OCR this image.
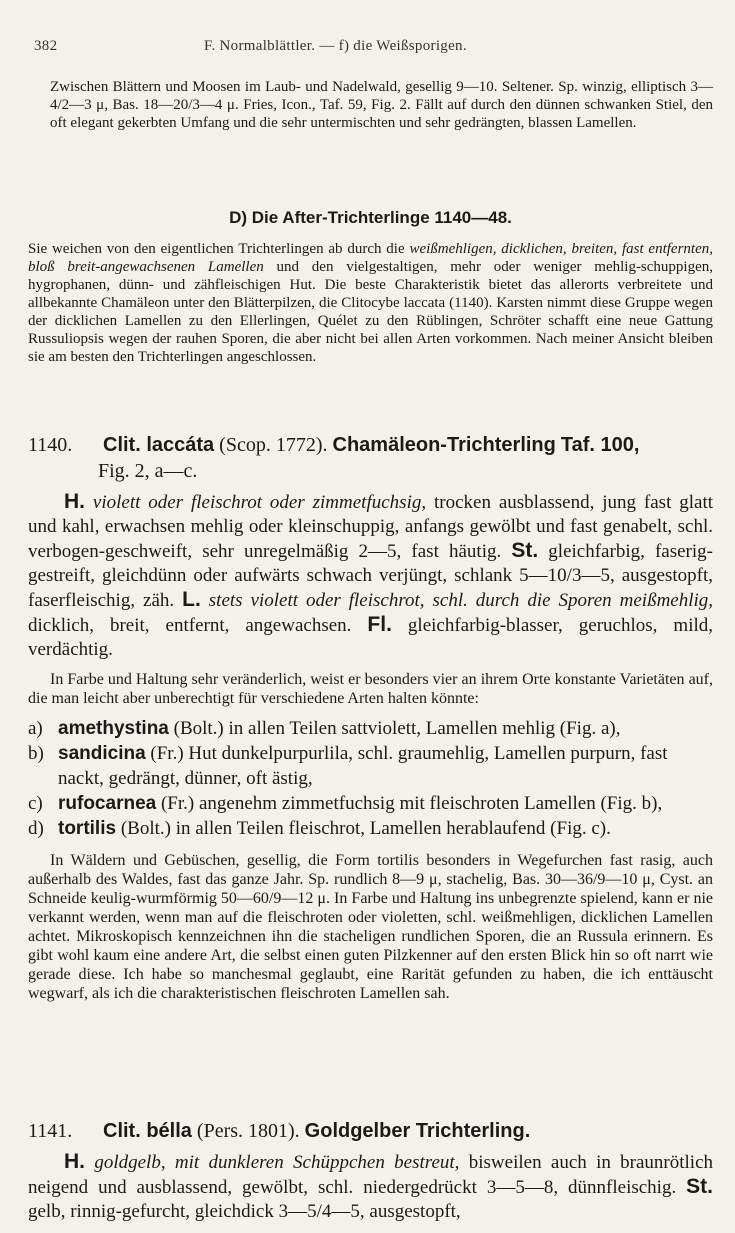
382	F. Normalblättler. — f) die Weißsporigen.

Zwischen Blättern und Moosen im Laub- und Nadelwald, gesellig 9—10. Seltener. Sp. winzig, elliptisch 3—4/2—3 μ, Bas. 18—20/3—4 μ. Fries, Icon., Taf. 59, Fig. 2. Fällt auf durch den dünnen schwanken Stiel, den oft elegant gekerbten Umfang und die sehr untermischten und sehr gedrängten, blassen Lamellen.

D) Die After-Trichterlinge 1140—48.

Sie weichen von den eigentlichen Trichterlingen ab durch die weißmehligen, dicklichen, breiten, fast entfernten, bloß breit-angewachsenen Lamellen und den vielgestaltigen, mehr oder weniger mehlig-schuppigen, hygrophanen, dünn- und zähfleischigen Hut. Die beste Charakteristik bietet das allerorts verbreitete und allbekannte Chamäleon unter den Blätterpilzen, die Clitocybe laccata (1140). Karsten nimmt diese Gruppe wegen der dicklichen Lamellen zu den Ellerlingen, Quélet zu den Rüblingen, Schröter schafft eine neue Gattung Russuliopsis wegen der rauhen Sporen, die aber nicht bei allen Arten vorkommen. Nach meiner Ansicht bleiben sie am besten den Trichterlingen angeschlossen.

1140. Clit. laccáta (Scop. 1772). Chamäleon-Trichterling Taf. 100,
Fig. 2, a—c.

H. violett oder fleischrot oder zimmetfuchsig, trocken ausblassend, jung fast glatt und kahl, erwachsen mehlig oder kleinschuppig, anfangs gewölbt und fast genabelt, schl. verbogen-geschweift, sehr unregelmäßig 2—5, fast häutig. St. gleichfarbig, faserig-gestreift, gleichdünn oder aufwärts schwach verjüngt, schlank 5—10/3—5, ausgestopft, faserfleischig, zäh. L. stets violett oder fleischrot, schl. durch die Sporen meißmehlig, dicklich, breit, entfernt, angewachsen. Fl. gleichfarbig-blasser, geruchlos, mild, verdächtig.

In Farbe und Haltung sehr veränderlich, weist er besonders vier an ihrem Orte konstante Varietäten auf, die man leicht aber unberechtigt für verschiedene Arten halten könnte:

a) amethystina (Bolt.) in allen Teilen sattviolett, Lamellen mehlig (Fig. a),
b) sandicina (Fr.) Hut dunkelpurpurlila, schl. graumehlig, Lamellen purpurn, fast nackt, gedrängt, dünner, oft ästig,
c) rufocarnea (Fr.) angenehm zimmetfuchsig mit fleischroten Lamellen (Fig. b),
d) tortilis (Bolt.) in allen Teilen fleischrot, Lamellen herablaufend (Fig. c).

In Wäldern und Gebüschen, gesellig, die Form tortilis besonders in Wegefurchen fast rasig, auch außerhalb des Waldes, fast das ganze Jahr. Sp. rundlich 8—9 μ, stachelig, Bas. 30—36/9—10 μ, Cyst. an Schneide keulig-wurmförmig 50—60/9—12 μ. In Farbe und Haltung ins unbegrenzte spielend, kann er nie verkannt werden, wenn man auf die fleischroten oder violetten, schl. weißmehligen, dicklichen Lamellen achtet. Mikroskopisch kennzeichnen ihn die stacheligen rundlichen Sporen, die an Russula erinnern. Es gibt wohl kaum eine andere Art, die selbst einen guten Pilzkenner auf den ersten Blick hin so oft narrt wie gerade diese. Ich habe so manchesmal geglaubt, eine Rarität gefunden zu haben, die ich enttäuscht wegwarf, als ich die charakteristischen fleischroten Lamellen sah.

1141. Clit. bélla (Pers. 1801). Goldgelber Trichterling.

H. goldgelb, mit dunkleren Schüppchen bestreut, bisweilen auch in braunrötlich neigend und ausblassend, gewölbt, schl. niedergedrückt 3—5—8, dünnfleischig. St. gelb, rinnig-gefurcht, gleichdick 3—5/4—5, ausgestopft,
